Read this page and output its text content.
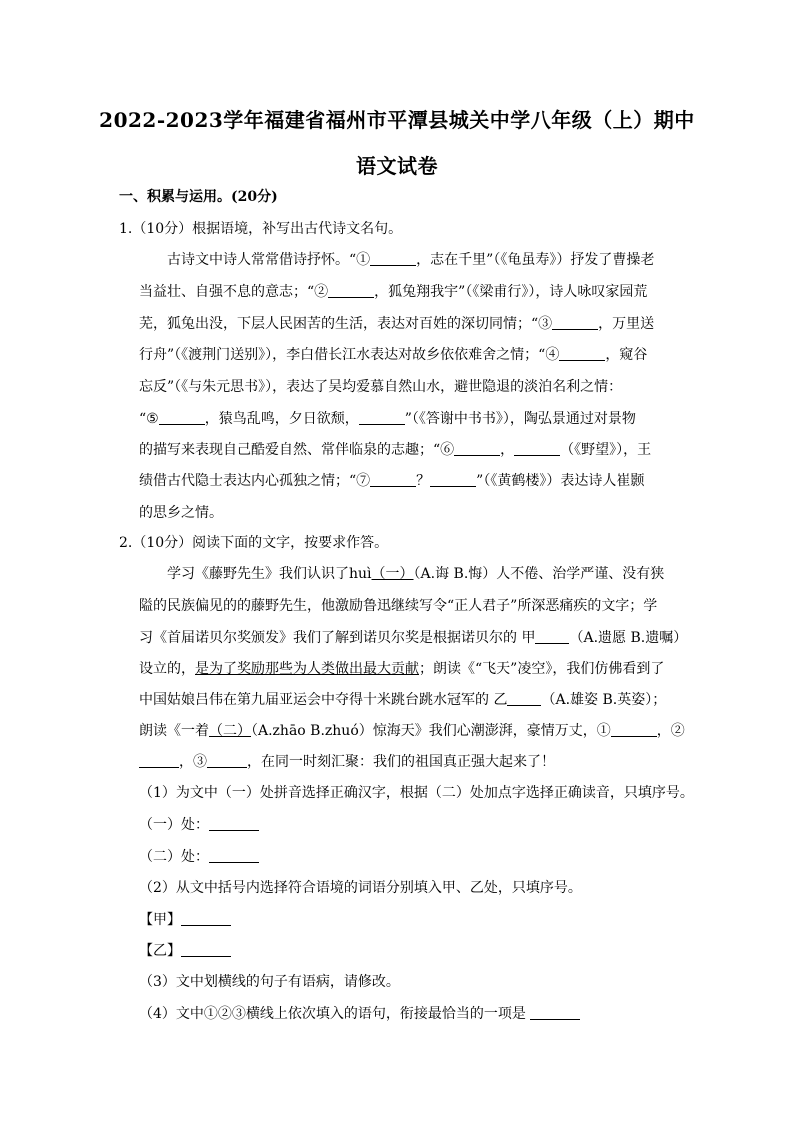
2022-2023学年福建省福州市平潭县城关中学八年级（上）期中
语文试卷
一、积累与运用。(20分)
1.（10分）根据语境，补写出古代诗文名句。
古诗文中诗人常常借诗抒怀。“①	，志在千里”（《龟虽寿》）抒发了曹操老
当益壮、自强不息的意志；“②	，狐兔翔我宇”（《梁甫行》），诗人咏叹家园荒
芜，狐兔出没，下层人民困苦的生活，表达对百姓的深切同情；“③	，万里送
行舟”（《渡荆门送别》），李白借长江水表达对故乡依依难舍之情；“④	，窥谷
忘反”（《与朱元思书》），表达了吴均爱慕自然山水，避世隐退的淡泊名利之情：
“⑤	，猿鸟乱鸣，夕日欲颓，	”（《答谢中书书》），陶弘景通过对景物
的描写来表现自己酷爱自然、常伴临泉的志趣；“⑥	，	（《野望》），王
绩借古代隐士表达内心孤独之情；“⑦	？	”（《黄鹤楼》）表达诗人崔颢
的思乡之情。
2.（10分）阅读下面的文字，按要求作答。
学习《藤野先生》我们认识了huì（一）（A.诲 B.悔）人不倦、治学严谨、没有狭
隘的民族偏见的的藤野先生，他激励鲁迅继续写令“正人君子”所深恶痛疾的文字；学
习《首届诺贝尔奖颁发》我们了解到诺贝尔奖是根据诺贝尔的 甲 （A.遗愿 B.遗嘱）
设立的，是为了奖励那些为人类做出最大贡献；朗读《“飞天”凌空》，我们仿佛看到了
中国姑娘吕伟在第九届亚运会中夺得十米跳台跳水冠军的 乙 （A.雄姿 B.英姿）；
朗读《一着（二）（A.zhāo B.zhuó）惊海天》我们心潮澎湃，豪情万丈，①	，②
，③	，在同一时刻汇聚：我们的祖国真正强大起来了！
（1）为文中（一）处拼音选择正确汉字，根据（二）处加点字选择正确读音，只填序号。
（一）处：
（二）处：
（2）从文中括号内选择符合语境的词语分别填入甲、乙处，只填序号。
【甲】
【乙】
（3）文中划横线的句子有语病，请修改。
（4）文中①②③横线上依次填入的语句，衔接最恰当的一项是
